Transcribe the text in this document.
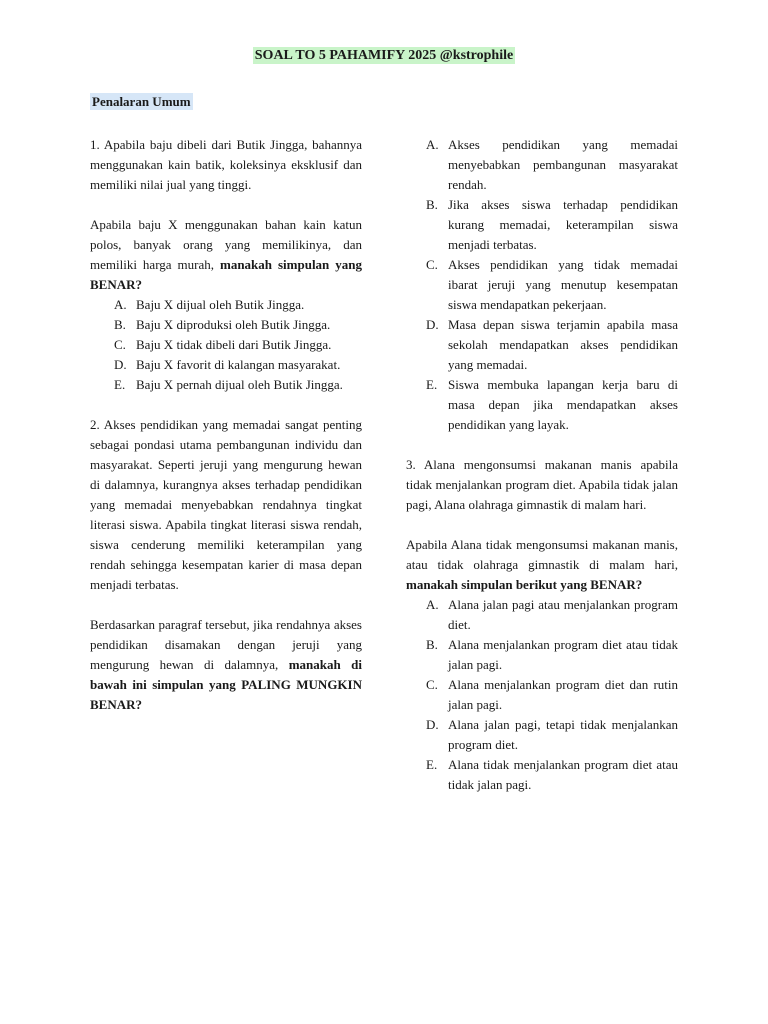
SOAL TO 5 PAHAMIFY 2025 @kstrophile
Penalaran Umum

1. Apabila baju dibeli dari Butik Jingga, bahannya menggunakan kain batik, koleksinya eksklusif dan memiliki nilai jual yang tinggi.

Apabila baju X menggunakan bahan kain katun polos, banyak orang yang memilikinya, dan memiliki harga murah, manakah simpulan yang BENAR?

A. Baju X dijual oleh Butik Jingga.
B. Baju X diproduksi oleh Butik Jingga.
C. Baju X tidak dibeli dari Butik Jingga.
D. Baju X favorit di kalangan masyarakat.
E. Baju X pernah dijual oleh Butik Jingga.

2. Akses pendidikan yang memadai sangat penting sebagai pondasi utama pembangunan individu dan masyarakat. Seperti jeruji yang mengurung hewan di dalamnya, kurangnya akses terhadap pendidikan yang memadai menyebabkan rendahnya tingkat literasi siswa. Apabila tingkat literasi siswa rendah, siswa cenderung memiliki keterampilan yang rendah sehingga kesempatan karier di masa depan menjadi terbatas.

Berdasarkan paragraf tersebut, jika rendahnya akses pendidikan disamakan dengan jeruji yang mengurung hewan di dalamnya, manakah di bawah ini simpulan yang PALING MUNGKIN BENAR?

A. Akses pendidikan yang memadai menyebabkan pembangunan masyarakat rendah.
B. Jika akses siswa terhadap pendidikan kurang memadai, keterampilan siswa menjadi terbatas.
C. Akses pendidikan yang tidak memadai ibarat jeruji yang menutup kesempatan siswa mendapatkan pekerjaan.
D. Masa depan siswa terjamin apabila masa sekolah mendapatkan akses pendidikan yang memadai.
E. Siswa membuka lapangan kerja baru di masa depan jika mendapatkan akses pendidikan yang layak.

3. Alana mengonsumsi makanan manis apabila tidak menjalankan program diet. Apabila tidak jalan pagi, Alana olahraga gimnastik di malam hari.

Apabila Alana tidak mengonsumsi makanan manis, atau tidak olahraga gimnastik di malam hari, manakah simpulan berikut yang BENAR?

A. Alana jalan pagi atau menjalankan program diet.
B. Alana menjalankan program diet atau tidak jalan pagi.
C. Alana menjalankan program diet dan rutin jalan pagi.
D. Alana jalan pagi, tetapi tidak menjalankan program diet.
E. Alana tidak menjalankan program diet atau tidak jalan pagi.
